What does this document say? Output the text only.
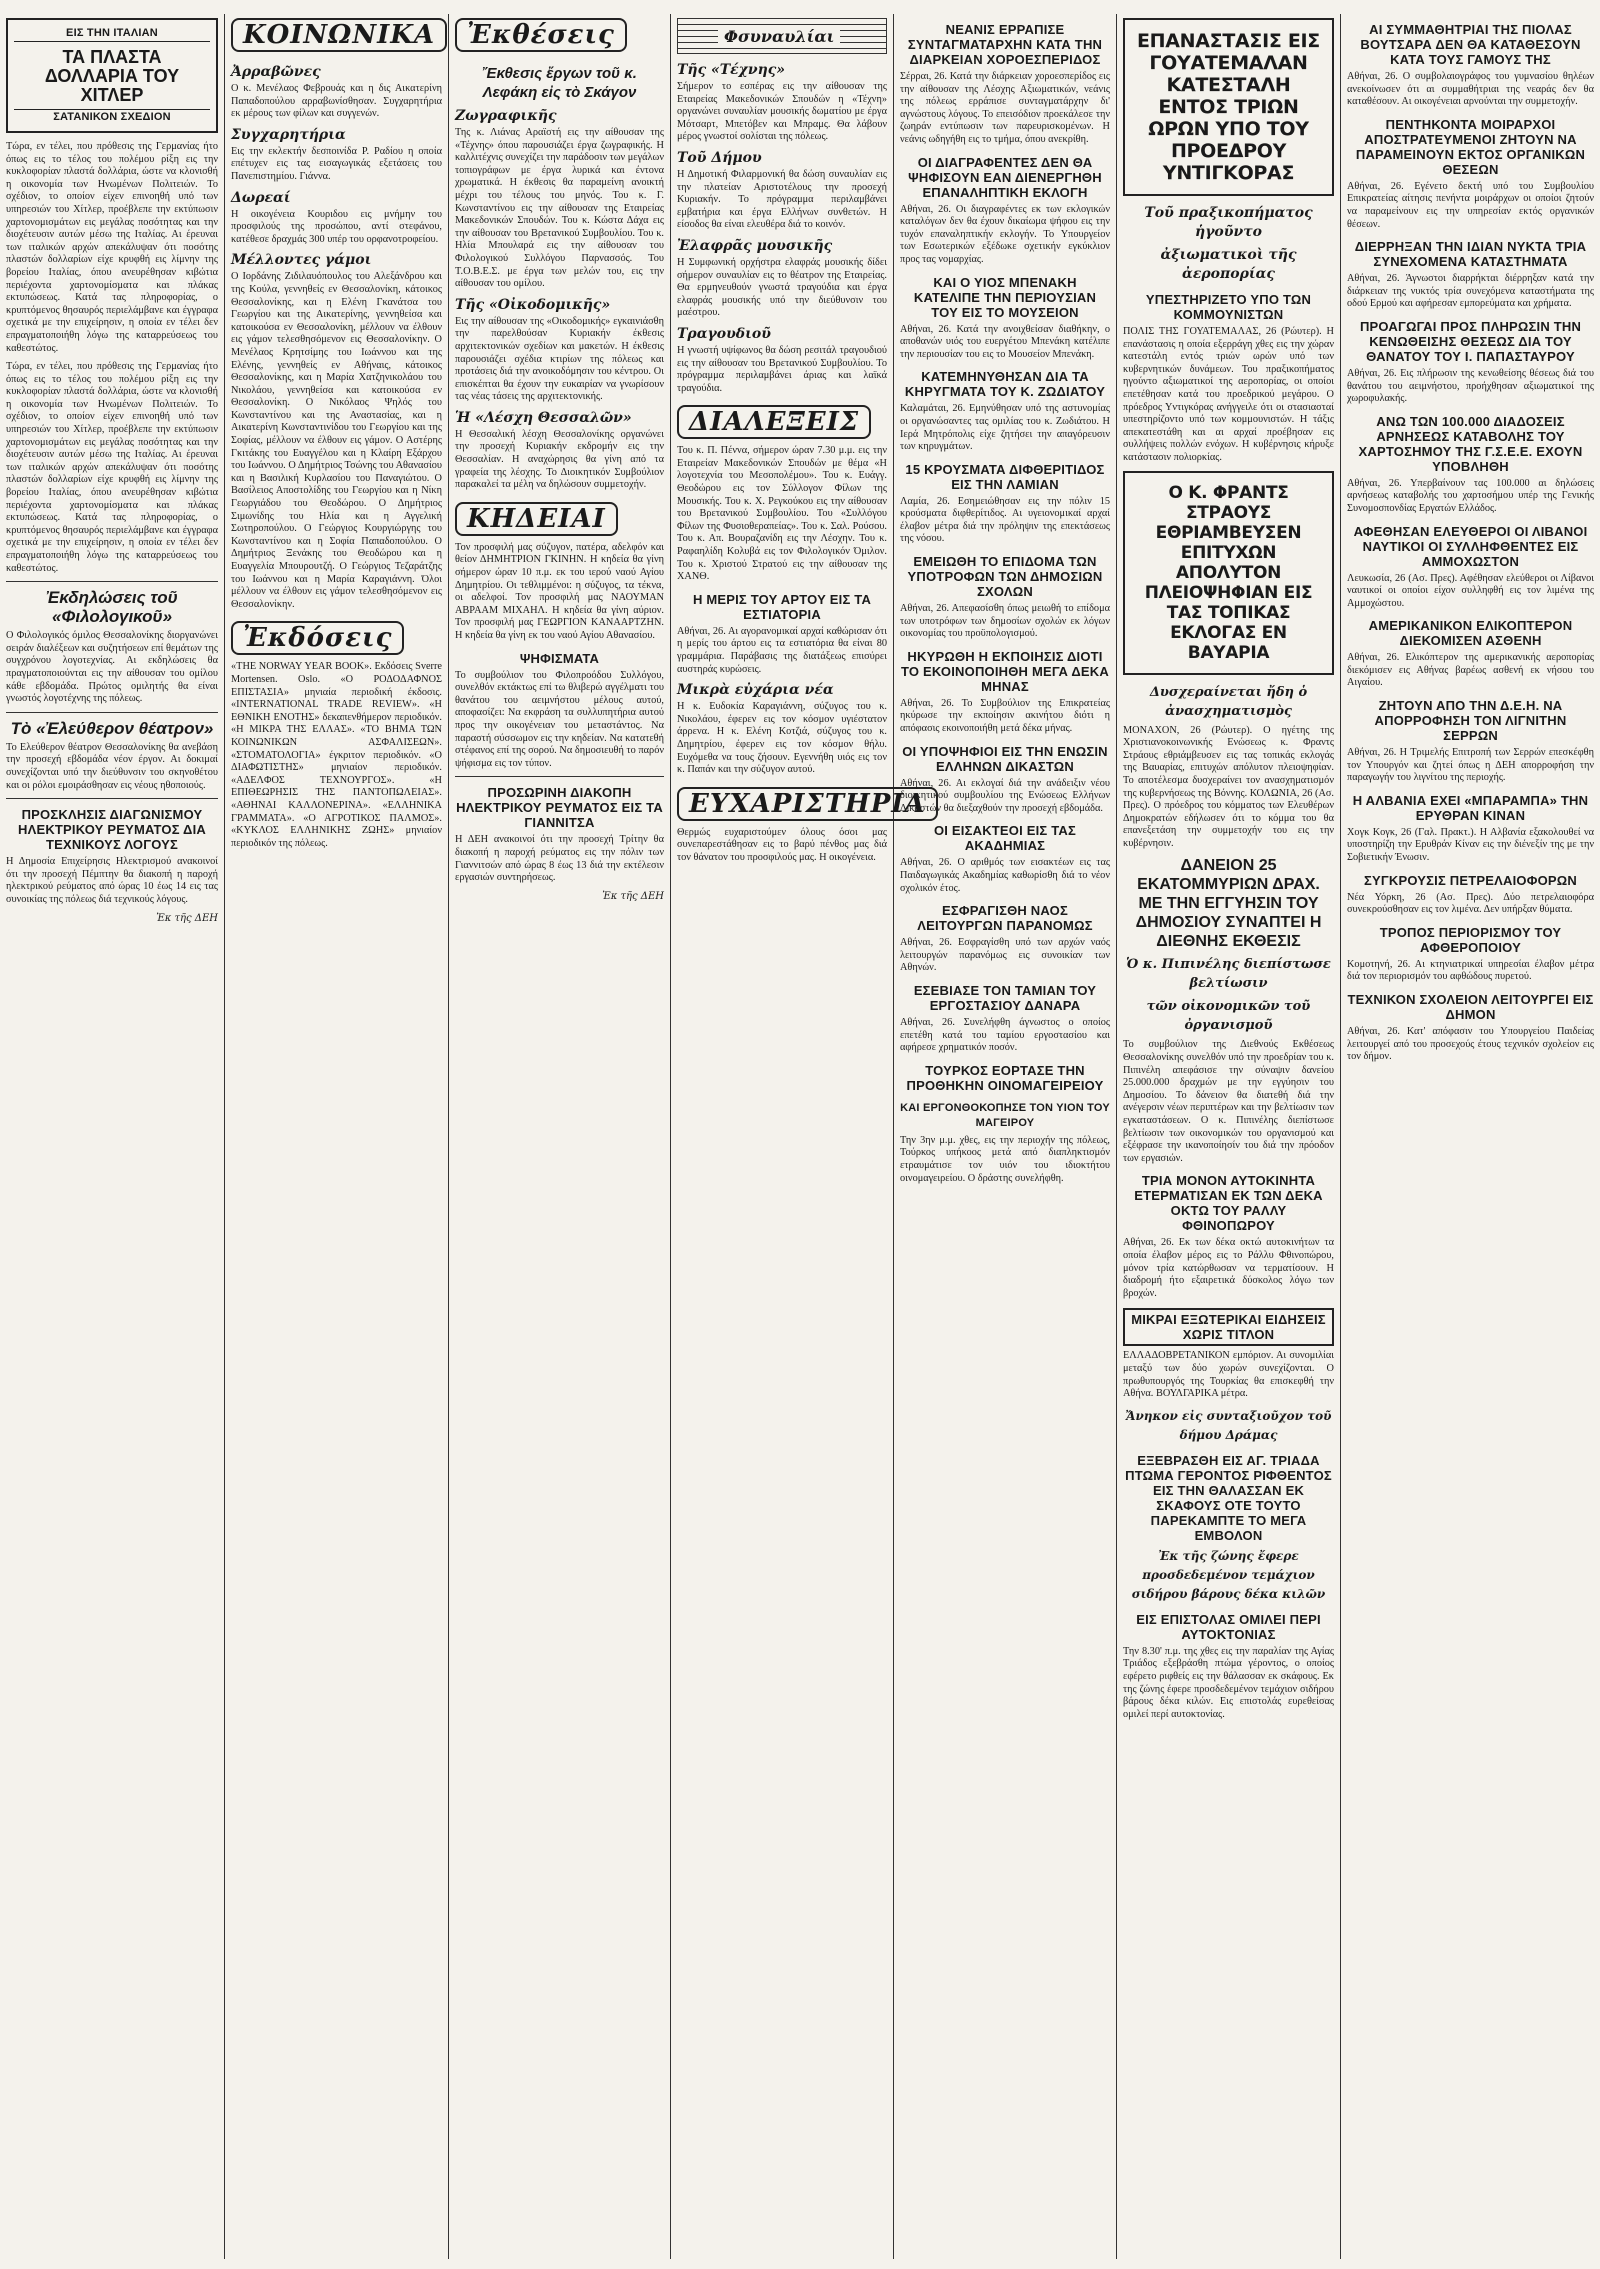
ΕΙΣ ΤΗΝ ΙΤΑΛΙΑΝ
ΤΑ ΠΛΑΣΤΑ ΔΟΛΛΑΡΙΑ ΤΟΥ ΧΙΤΛΕΡ
ΣΑΤΑΝΙΚΟΝ ΣΧΕΔΙΟΝ
Τώρα, εν τέλει, που πρόθεσις της Γερμανίας ήτο όπως εις το τέλος του πολέμου ρίξη εις την κυκλοφορίαν πλαστά δολλάρια, ώστε να κλονισθή η οικονομία των Ηνωμένων Πολιτειών. Το σχέδιον, το οποίον είχεν επινοηθή υπό των υπηρεσιών του Χίτλερ, προέβλεπε την εκτύπωσιν χαρτονομισμάτων εις μεγάλας ποσότητας και την διοχέτευσιν αυτών μέσω της Ιταλίας. Αι έρευναι των ιταλικών αρχών απεκάλυψαν ότι ποσότης πλαστών δολλαρίων είχε κρυφθή εις λίμνην της βορείου Ιταλίας, όπου ανευρέθησαν κιβώτια περιέχοντα χαρτονομίσματα και πλάκας εκτυπώσεως. Κατά τας πληροφορίας, ο κρυπτόμενος θησαυρός περιελάμβανε και έγγραφα σχετικά με την επιχείρησιν, η οποία εν τέλει δεν επραγματοποιήθη λόγω της καταρρεύσεως του καθεστώτος.
Τώρα, εν τέλει, που πρόθεσις της Γερμανίας ήτο όπως εις το τέλος του πολέμου ρίξη εις την κυκλοφορίαν πλαστά δολλάρια, ώστε να κλονισθή η οικονομία των Ηνωμένων Πολιτειών. Το σχέδιον, το οποίον είχεν επινοηθή υπό των υπηρεσιών του Χίτλερ, προέβλεπε την εκτύπωσιν χαρτονομισμάτων εις μεγάλας ποσότητας και την διοχέτευσιν αυτών μέσω της Ιταλίας. Αι έρευναι των ιταλικών αρχών απεκάλυψαν ότι ποσότης πλαστών δολλαρίων είχε κρυφθή εις λίμνην της βορείου Ιταλίας, όπου ανευρέθησαν κιβώτια περιέχοντα χαρτονομίσματα και πλάκας εκτυπώσεως. Κατά τας πληροφορίας, ο κρυπτόμενος θησαυρός περιελάμβανε και έγγραφα σχετικά με την επιχείρησιν, η οποία εν τέλει δεν επραγματοποιήθη λόγω της καταρρεύσεως του καθεστώτος.
Ἐκδηλώσεις τοῦ «Φιλολογικοῦ»
Ο Φιλολογικός όμιλος Θεσσαλονίκης διοργανώνει σειράν διαλέξεων και συζητήσεων επί θεμάτων της συγχρόνου λογοτεχνίας. Αι εκδηλώσεις θα πραγματοποιούνται εις την αίθουσαν του ομίλου κάθε εβδομάδα. Πρώτος ομιλητής θα είναι γνωστός λογοτέχνης της πόλεως.
Τὸ «Ἐλεύθερον θέατρον»
Το Ελεύθερον θέατρον Θεσσαλονίκης θα ανεβάση την προσεχή εβδομάδα νέον έργον. Αι δοκιμαί συνεχίζονται υπό την διεύθυνσιν του σκηνοθέτου και οι ρόλοι εμοιράσθησαν εις νέους ηθοποιούς.
ΠΡΟΣΚΛΗΣΙΣ ΔΙΑΓΩΝΙΣΜΟΥ ΗΛΕΚΤΡΙΚΟΥ ΡΕΥΜΑΤΟΣ ΔΙΑ ΤΕΧΝΙΚΟΥΣ ΛΟΓΟΥΣ
Η Δημοσία Επιχείρησις Ηλεκτρισμού ανακοινοί ότι την προσεχή Πέμπτην θα διακοπή η παροχή ηλεκτρικού ρεύματος από ώρας 10 έως 14 εις τας συνοικίας της πόλεως διά τεχνικούς λόγους.
Ἐκ τῆς ΔΕΗ
ΚΟΙΝΩΝΙΚΑ
Ἀρραβῶνες
Ο κ. Μενέλαος Φεβρουάς και η δις Αικατερίνη Παπαδοπούλου αρραβωνίσθησαν. Συγχαρητήρια εκ μέρους των φίλων και συγγενών.
Συγχαρητήρια
Εις την εκλεκτήν δεσποινίδα Ρ. Ραδίου η οποία επέτυχεν εις τας εισαγωγικάς εξετάσεις του Πανεπιστημίου. Γιάννα.
Δωρεαί
Η οικογένεια Κουριδου εις μνήμην του προσφιλούς της προσώπου, αντί στεφάνου, κατέθεσε δραχμάς 300 υπέρ του ορφανοτροφείου.
Μέλλοντες γάμοι
Ο Ιορδάνης Ζιδιλαυόπουλος του Αλεξάνδρου και της Κούλα, γεννηθείς εν Θεσσαλονίκη, κάτοικος Θεσσαλονίκης, και η Ελένη Γκανάτσα του Γεωργίου και της Αικατερίνης, γεννηθείσα και κατοικούσα εν Θεσσαλονίκη, μέλλουν να έλθουν εις γάμον τελεσθησόμενον εις Θεσσαλονίκην. Ο Μενέλαος Κρητσίμης του Ιωάννου και της Ελένης, γεννηθείς εν Αθήναις, κάτοικος Θεσσαλονίκης, και η Μαρία Χατζηνικολάου του Νικολάου, γεννηθείσα και κατοικούσα εν Θεσσαλονίκη. Ο Νικόλαος Ψηλός του Κωνσταντίνου και της Αναστασίας, και η Αικατερίνη Κωνσταντινίδου του Γεωργίου και της Σοφίας, μέλλουν να έλθουν εις γάμον. Ο Αστέρης Γκιτάκης του Ευαγγέλου και η Κλαίρη Εξάρχου του Ιωάννου. Ο Δημήτριος Τσώνης του Αθανασίου και η Βασιλική Κυρλασίου του Παναγιώτου. Ο Βασίλειος Αποστολίδης του Γεωργίου και η Νίκη Γεωργιάδου του Θεοδώρου. Ο Δημήτριος Σιμωνίδης του Ηλία και η Αγγελική Σωτηροπούλου. Ο Γεώργιος Κουργιώργης του Κωνσταντίνου και η Σοφία Παπαδοπούλου. Ο Δημήτριος Ξενάκης του Θεοδώρου και η Ευαγγελία Μπουρουτζή. Ο Γεώργιος Τεζαράτζης του Ιωάννου και η Μαρία Καραγιάννη. Όλοι μέλλουν να έλθουν εις γάμον τελεσθησόμενον εις Θεσσαλονίκην.
Ἐκδόσεις
«THE NORWAY YEAR BOOK». Εκδόσεις Sverre Mortensen. Oslo. «Ο ΡΟΔΟΔΑΦΝΟΣ ΕΠΙΣΤΑΣΙΑ» μηνιαία περιοδική έκδοσις. «INTERNATIONAL TRADE REVIEW». «Η ΕΘΝΙΚΗ ΕΝΟΤΗΣ» δεκαπενθήμερον περιοδικόν. «Η ΜΙΚΡΑ ΤΗΣ ΕΛΛΑΣ». «ΤΟ ΒΗΜΑ ΤΩΝ ΚΟΙΝΩΝΙΚΩΝ ΑΣΦΑΛΙΣΕΩΝ». «ΣΤΟΜΑΤΟΛΟΓΙΑ» έγκριτον περιοδικόν. «Ο ΔΙΑΦΩΤΙΣΤΗΣ» μηνιαίον περιοδικόν. «ΑΔΕΛΦΟΣ ΤΕΧΝΟΥΡΓΟΣ». «Η ΕΠΙΘΕΩΡΗΣΙΣ ΤΗΣ ΠΑΝΤΟΠΩΛΕΙΑΣ». «ΑΘΗΝΑΙ ΚΑΛΛΟΝΕΡΙΝΑ». «ΕΛΛΗΝΙΚΑ ΓΡΑΜΜΑΤΑ». «Ο ΑΓΡΟΤΙΚΟΣ ΠΑΛΜΟΣ». «ΚΥΚΛΟΣ ΕΛΛΗΝΙΚΗΣ ΖΩΗΣ» μηνιαίον περιοδικόν της πόλεως.
Ἐκθέσεις
Ἔκθεσις ἔργων τοῦ κ. Λεφάκη εἰς τὸ Σκάγον
Ζωγραφικῆς
Της κ. Λιάνας Αραϊστή εις την αίθουσαν της «Τέχνης» όπου παρουσιάζει έργα ζωγραφικής. Η καλλιτέχνις συνεχίζει την παράδοσιν των μεγάλων τοπιογράφων με έργα λυρικά και έντονα χρωματικά. Η έκθεσις θα παραμείνη ανοικτή μέχρι του τέλους του μηνός. Του κ. Γ. Κωνσταντίνου εις την αίθουσαν της Εταιρείας Μακεδονικών Σπουδών. Του κ. Κώστα Δάχα εις την αίθουσαν του Βρετανικού Συμβουλίου. Του κ. Ηλία Μπουλαρά εις την αίθουσαν του Φιλολογικού Συλλόγου Παρνασσός. Του Τ.Ο.Β.Ε.Σ. με έργα των μελών του, εις την αίθουσαν του ομίλου.
Τῆς «Οἰκοδομικῆς»
Εις την αίθουσαν της «Οικοδομικής» εγκαινιάσθη την παρελθούσαν Κυριακήν έκθεσις αρχιτεκτονικών σχεδίων και μακετών. Η έκθεσις παρουσιάζει σχέδια κτιρίων της πόλεως και προτάσεις διά την ανοικοδόμησιν του κέντρου. Οι επισκέπται θα έχουν την ευκαιρίαν να γνωρίσουν τας νέας τάσεις της αρχιτεκτονικής.
Ἡ «Λέσχη Θεσσαλῶν»
Η Θεσσαλική λέσχη Θεσσαλονίκης οργανώνει την προσεχή Κυριακήν εκδρομήν εις την Θεσσαλίαν. Η αναχώρησις θα γίνη από τα γραφεία της λέσχης. Το Διοικητικόν Συμβούλιον παρακαλεί τα μέλη να δηλώσουν συμμετοχήν.
ΚΗΔΕΙΑΙ
Τον προσφιλή μας σύζυγον, πατέρα, αδελφόν και θείον ΔΗΜΗΤΡΙΟΝ ΓΚΙΝΗΝ. Η κηδεία θα γίνη σήμερον ώραν 10 π.μ. εκ του ιερού ναού Αγίου Δημητρίου. Οι τεθλιμμένοι: η σύζυγος, τα τέκνα, οι αδελφοί. Τον προσφιλή μας ΝΑΟΥΜΑΝ ΑΒΡΑΑΜ ΜΙΧΑΗΛ. Η κηδεία θα γίνη αύριον. Τον προσφιλή μας ΓΕΩΡΓΙΟΝ ΚΑΝΑΑΡΤΖΗΝ. Η κηδεία θα γίνη εκ του ναού Αγίου Αθανασίου.
ΨΗΦΙΣΜΑΤΑ
Το συμβούλιον του Φιλοπροόδου Συλλόγου, συνελθόν εκτάκτως επί τω θλιβερώ αγγέλματι του θανάτου του αειμνήστου μέλους αυτού, αποφασίζει: Να εκφράση τα συλλυπητήρια αυτού προς την οικογένειαν του μεταστάντος. Να παραστή σύσσωμον εις την κηδείαν. Να κατατεθή στέφανος επί της σορού. Να δημοσιευθή το παρόν ψήφισμα εις τον τύπον.
ΠΡΟΣΩΡΙΝΗ ΔΙΑΚΟΠΗ ΗΛΕΚΤΡΙΚΟΥ ΡΕΥΜΑΤΟΣ ΕΙΣ ΤΑ ΓΙΑΝΝΙΤΣΑ
Η ΔΕΗ ανακοινοί ότι την προσεχή Τρίτην θα διακοπή η παροχή ρεύματος εις την πόλιν των Γιαννιτσών από ώρας 8 έως 13 διά την εκτέλεσιν εργασιών συντηρήσεως.
Ἐκ τῆς ΔΕΗ
Φσυναυλίαι
Τῆς «Τέχνης»
Σήμερον το εσπέρας εις την αίθουσαν της Εταιρείας Μακεδονικών Σπουδών η «Τέχνη» οργανώνει συναυλίαν μουσικής δωματίου με έργα Μότσαρτ, Μπετόβεν και Μπραμς. Θα λάβουν μέρος γνωστοί σολίσται της πόλεως.
Τοῦ Δήμου
Η Δημοτική Φιλαρμονική θα δώση συναυλίαν εις την πλατείαν Αριστοτέλους την προσεχή Κυριακήν. Το πρόγραμμα περιλαμβάνει εμβατήρια και έργα Ελλήνων συνθετών. Η είσοδος θα είναι ελευθέρα διά το κοινόν.
Ἐλαφρᾶς μουσικῆς
Η Συμφωνική ορχήστρα ελαφράς μουσικής δίδει σήμερον συναυλίαν εις το θέατρον της Εταιρείας. Θα ερμηνευθούν γνωστά τραγούδια και έργα ελαφράς μουσικής υπό την διεύθυνσιν του μαέστρου.
Τραγουδιοῦ
Η γνωστή υψίφωνος θα δώση ρεσιτάλ τραγουδιού εις την αίθουσαν του Βρετανικού Συμβουλίου. Το πρόγραμμα περιλαμβάνει άριας και λαϊκά τραγούδια.
ΔΙΑΛΕΞΕΙΣ
Του κ. Π. Πέννα, σήμερον ώραν 7.30 μ.μ. εις την Εταιρείαν Μακεδονικών Σπουδών με θέμα «Η λογοτεχνία του Μεσοπολέμου». Του κ. Ευάγγ. Θεοδώρου εις τον Σύλλογον Φίλων της Μουσικής. Του κ. Χ. Ρεγκούκου εις την αίθουσαν του Βρετανικού Συμβουλίου. Του «Συλλόγου Φίλων της Φυσιοθεραπείας». Του κ. Σαλ. Ρούσου. Του κ. Απ. Βουραζανίδη εις την Λέσχην. Του κ. Ραφαηλίδη Κολυβά εις τον Φιλολογικόν Όμιλον. Του κ. Χριστού Στρατού εις την αίθουσαν της ΧΑΝΘ.
Η ΜΕΡΙΣ ΤΟΥ ΑΡΤΟΥ ΕΙΣ ΤΑ ΕΣΤΙΑΤΟΡΙΑ
Αθήναι, 26. Αι αγορανομικαί αρχαί καθώρισαν ότι η μερίς του άρτου εις τα εστιατόρια θα είναι 80 γραμμάρια. Παράβασις της διατάξεως επισύρει αυστηράς κυρώσεις.
Μικρὰ εὐχάρια νέα
Η κ. Ευδοκία Καραγιάννη, σύζυγος του κ. Νικολάου, έφερεν εις τον κόσμον υγιέστατον άρρενα. Η κ. Ελένη Κοτζιά, σύζυγος του κ. Δημητρίου, έφερεν εις τον κόσμον θήλυ. Ευχόμεθα να τους ζήσουν. Εγεννήθη υιός εις τον κ. Παπάν και την σύζυγον αυτού.
ΕΥΧΑΡΙΣΤΗΡΙΑ
Θερμώς ευχαριστούμεν όλους όσοι μας συνεπαρεστάθησαν εις το βαρύ πένθος μας διά τον θάνατον του προσφιλούς μας. Η οικογένεια.
ΝΕΑΝΙΣ ΕΡΡΑΠΙΣΕ ΣΥΝΤΑΓΜΑΤΑΡΧΗΝ ΚΑΤΑ ΤΗΝ ΔΙΑΡΚΕΙΑΝ ΧΟΡΟΕΣΠΕΡΙΔΟΣ
Σέρραι, 26. Κατά την διάρκειαν χοροεσπερίδος εις την αίθουσαν της Λέσχης Αξιωματικών, νεάνις της πόλεως ερράπισε συνταγματάρχην δι' αγνώστους λόγους. Το επεισόδιον προεκάλεσε την ζωηράν εντύπωσιν των παρευρισκομένων. Η νεάνις ωδηγήθη εις το τμήμα, όπου ανεκρίθη.
ΟΙ ΔΙΑΓΡΑΦΕΝΤΕΣ ΔΕΝ ΘΑ ΨΗΦΙΣΟΥΝ ΕΑΝ ΔΙΕΝΕΡΓΗΘΗ ΕΠΑΝΑΛΗΠΤΙΚΗ ΕΚΛΟΓΗ
Αθήναι, 26. Οι διαγραφέντες εκ των εκλογικών καταλόγων δεν θα έχουν δικαίωμα ψήφου εις την τυχόν επαναληπτικήν εκλογήν. Το Υπουργείον των Εσωτερικών εξέδωκε σχετικήν εγκύκλιον προς τας νομαρχίας.
ΚΑΙ Ο ΥΙΟΣ ΜΠΕΝΑΚΗ ΚΑΤΕΛΙΠΕ ΤΗΝ ΠΕΡΙΟΥΣΙΑΝ ΤΟΥ ΕΙΣ ΤΟ ΜΟΥΣΕΙΟΝ
Αθήναι, 26. Κατά την ανοιχθείσαν διαθήκην, ο αποθανών υιός του ευεργέτου Μπενάκη κατέλιπε την περιουσίαν του εις το Μουσείον Μπενάκη.
ΚΑΤΕΜΗΝΥΘΗΣΑΝ ΔΙΑ ΤΑ ΚΗΡΥΓΜΑΤΑ ΤΟΥ Κ. ΖΩΔΙΑΤΟΥ
Καλαμάται, 26. Εμηνύθησαν υπό της αστυνομίας οι οργανώσαντες τας ομιλίας του κ. Ζωδιάτου. Η Ιερά Μητρόπολις είχε ζητήσει την απαγόρευσιν των κηρυγμάτων.
15 ΚΡΟΥΣΜΑΤΑ ΔΙΦΘΕΡΙΤΙΔΟΣ ΕΙΣ ΤΗΝ ΛΑΜΙΑΝ
Λαμία, 26. Εσημειώθησαν εις την πόλιν 15 κρούσματα διφθερίτιδος. Αι υγειονομικαί αρχαί έλαβον μέτρα διά την πρόληψιν της επεκτάσεως της νόσου.
ΕΜΕΙΩΘΗ ΤΟ ΕΠΙΔΟΜΑ ΤΩΝ ΥΠΟΤΡΟΦΩΝ ΤΩΝ ΔΗΜΟΣΙΩΝ ΣΧΟΛΩΝ
Αθήναι, 26. Απεφασίσθη όπως μειωθή το επίδομα των υποτρόφων των δημοσίων σχολών εκ λόγων οικονομίας του προϋπολογισμού.
ΗΚΥΡΩΘΗ Η ΕΚΠΟΙΗΣΙΣ ΔΙΟΤΙ ΤΟ ΕΚΟΙΝΟΠΟΙΗΘΗ ΜΕΓΑ ΔΕΚΑ ΜΗΝΑΣ
Αθήναι, 26. Το Συμβούλιον της Επικρατείας ηκύρωσε την εκποίησιν ακινήτου διότι η απόφασις εκοινοποιήθη μετά δέκα μήνας.
ΟΙ ΥΠΟΨΗΦΙΟΙ ΕΙΣ ΤΗΝ ΕΝΩΣΙΝ ΕΛΛΗΝΩΝ ΔΙΚΑΣΤΩΝ
Αθήναι, 26. Αι εκλογαί διά την ανάδειξιν νέου διοικητικού συμβουλίου της Ενώσεως Ελλήνων Δικαστών θα διεξαχθούν την προσεχή εβδομάδα.
ΟΙ ΕΙΣΑΚΤΕΟΙ ΕΙΣ ΤΑΣ ΑΚΑΔΗΜΙΑΣ
Αθήναι, 26. Ο αριθμός των εισακτέων εις τας Παιδαγωγικάς Ακαδημίας καθωρίσθη διά το νέον σχολικόν έτος.
ΕΣΦΡΑΓΙΣΘΗ ΝΑΟΣ ΛΕΙΤΟΥΡΓΩΝ ΠΑΡΑΝΟΜΩΣ
Αθήναι, 26. Εσφραγίσθη υπό των αρχών ναός λειτουργών παρανόμως εις συνοικίαν των Αθηνών.
ΕΣΕΒΙΑΣΕ ΤΟΝ ΤΑΜΙΑΝ ΤΟΥ ΕΡΓΟΣΤΑΣΙΟΥ ΔΑΝΑΡΑ
Αθήναι, 26. Συνελήφθη άγνωστος ο οποίος επετέθη κατά του ταμίου εργοστασίου και αφήρεσε χρηματικόν ποσόν.
ΤΟΥΡΚΟΣ ΕΟΡΤΑΣΕ ΤΗΝ ΠΡΟΘΗΚΗΝ ΟΙΝΟΜΑΓΕΙΡΕΙΟΥ
ΚΑΙ ΕΡΓΟΝΘΟΚΟΠΗΣΕ ΤΟΝ ΥΙΟΝ ΤΟΥ ΜΑΓΕΙΡΟΥ
Την 3ην μ.μ. χθες, εις την περιοχήν της πόλεως, Τούρκος υπήκοος μετά από διαπληκτισμόν ετραυμάτισε τον υιόν του ιδιοκτήτου οινομαγειρείου. Ο δράστης συνελήφθη.
ΕΠΑΝΑΣΤΑΣΙΣ ΕΙΣ ΓΟΥΑΤΕΜΑΛΑΝ ΚΑΤΕΣΤΑΛΗ ΕΝΤΟΣ ΤΡΙΩΝ ΩΡΩΝ ΥΠΟ ΤΟΥ ΠΡΟΕΔΡΟΥ ΥΝΤΙΓΚΟΡΑΣ
Τοῦ πραξικοπήματος ἡγοῦντο
ἀξιωματικοὶ τῆς ἀεροπορίας
ΥΠΕΣΤΗΡΙΖΕΤΟ ΥΠΟ ΤΩΝ ΚΟΜΜΟΥΝΙΣΤΩΝ
ΠΟΛΙΣ ΤΗΣ ΓΟΥΑΤΕΜΑΛΑΣ, 26 (Ρώυτερ). Η επανάστασις η οποία εξερράγη χθες εις την χώραν κατεστάλη εντός τριών ωρών υπό των κυβερνητικών δυνάμεων. Του πραξικοπήματος ηγούντο αξιωματικοί της αεροπορίας, οι οποίοι επετέθησαν κατά του προεδρικού μεγάρου. Ο πρόεδρος Υντιγκόρας ανήγγειλε ότι οι στασιασταί υπεστηρίζοντο υπό των κομμουνιστών. Η τάξις απεκατεστάθη και αι αρχαί προέβησαν εις συλλήψεις πολλών ενόχων. Η κυβέρνησις κήρυξε κατάστασιν πολιορκίας.
Ο Κ. ΦΡΑΝΤΣ ΣΤΡΑΟΥΣ ΕΘΡΙΑΜΒΕΥΣΕΝ ΕΠΙΤΥΧΩΝ ΑΠΟΛΥΤΟΝ ΠΛΕΙΟΨΗΦΙΑΝ ΕΙΣ ΤΑΣ ΤΟΠΙΚΑΣ ΕΚΛΟΓΑΣ ΕΝ ΒΑΥΑΡΙΑ
Δυσχεραίνεται ἤδη ὁ ἀνασχηματισμὸς
ΜΟΝΑΧΟΝ, 26 (Ρώυτερ). Ο ηγέτης της Χριστιανοκοινωνικής Ενώσεως κ. Φραντς Στράους εθριάμβευσεν εις τας τοπικάς εκλογάς της Βαυαρίας, επιτυχών απόλυτον πλειοψηφίαν. Το αποτέλεσμα δυσχεραίνει τον ανασχηματισμόν της κυβερνήσεως της Βόννης. ΚΟΛΩΝΙΑ, 26 (Ασ. Πρες). Ο πρόεδρος του κόμματος των Ελευθέρων Δημοκρατών εδήλωσεν ότι το κόμμα του θα επανεξετάση την συμμετοχήν του εις την κυβέρνησιν.
ΔΑΝΕΙΟΝ 25 ΕΚΑΤΟΜΜΥΡΙΩΝ ΔΡΑΧ. ΜΕ ΤΗΝ ΕΓΓΥΗΣΙΝ ΤΟΥ ΔΗΜΟΣΙΟΥ ΣΥΝΑΠΤΕΙ Η ΔΙΕΘΝΗΣ ΕΚΘΕΣΙΣ
Ὁ κ. Πιπινέλης διεπίστωσε βελτίωσιν
τῶν οἰκονομικῶν τοῦ ὀργανισμοῦ
Το συμβούλιον της Διεθνούς Εκθέσεως Θεσσαλονίκης συνελθόν υπό την προεδρίαν του κ. Πιπινέλη απεφάσισε την σύναψιν δανείου 25.000.000 δραχμών με την εγγύησιν του Δημοσίου. Το δάνειον θα διατεθή διά την ανέγερσιν νέων περιπτέρων και την βελτίωσιν των εγκαταστάσεων. Ο κ. Πιπινέλης διεπίστωσε βελτίωσιν των οικονομικών του οργανισμού και εξέφρασε την ικανοποίησίν του διά την πρόοδον των εργασιών.
ΤΡΙΑ ΜΟΝΟΝ ΑΥΤΟΚΙΝΗΤΑ ΕΤΕΡΜΑΤΙΣΑΝ ΕΚ ΤΩΝ ΔΕΚΑ ΟΚΤΩ ΤΟΥ ΡΑΛΛΥ ΦΘΙΝΟΠΩΡΟΥ
Αθήναι, 26. Εκ των δέκα οκτώ αυτοκινήτων τα οποία έλαβον μέρος εις το Ράλλυ Φθινοπώρου, μόνον τρία κατώρθωσαν να τερματίσουν. Η διαδρομή ήτο εξαιρετικά δύσκολος λόγω των βροχών.
ΜΙΚΡΑΙ ΕΞΩΤΕΡΙΚΑΙ ΕΙΔΗΣΕΙΣ ΧΩΡΙΣ ΤΙΤΛΟΝ
ΕΛΛΑΔΟΒΡΕΤΑΝΙΚΟΝ εμπόριον. Αι συνομιλίαι μεταξύ των δύο χωρών συνεχίζονται. Ο πρωθυπουργός της Τουρκίας θα επισκεφθή την Αθήνα. ΒΟΥΛΓΑΡΙΚΑ μέτρα.
Ἄνηκον εἰς συνταξιοῦχον τοῦ δήμου Δράμας
ΕΞΕΒΡΑΣΘΗ ΕΙΣ ΑΓ. ΤΡΙΑΔΑ ΠΤΩΜΑ ΓΕΡΟΝΤΟΣ ΡΙΦΘΕΝΤΟΣ ΕΙΣ ΤΗΝ ΘΑΛΑΣΣΑΝ ΕΚ ΣΚΑΦΟΥΣ ΟΤΕ ΤΟΥΤΟ ΠΑΡΕΚΑΜΠΤΕ ΤΟ ΜΕΓΑ ΕΜΒΟΛΟΝ
Ἐκ τῆς ζώνης ἔφερε προσδεδεμένον τεμάχιον σιδήρου βάρους δέκα κιλῶν
ΕΙΣ ΕΠΙΣΤΟΛΑΣ ΟΜΙΛΕΙ ΠΕΡΙ ΑΥΤΟΚΤΟΝΙΑΣ
Την 8.30' π.μ. της χθες εις την παραλίαν της Αγίας Τριάδος εξεβράσθη πτώμα γέροντος, ο οποίος εφέρετο ριφθείς εις την θάλασσαν εκ σκάφους. Εκ της ζώνης έφερε προσδεδεμένον τεμάχιον σιδήρου βάρους δέκα κιλών. Εις επιστολάς ευρεθείσας ομιλεί περί αυτοκτονίας.
ΑΙ ΣΥΜΜΑΘΗΤΡΙΑΙ ΤΗΣ ΠΙΟΛΑΣ ΒΟΥΤΣΑΡΑ ΔΕΝ ΘΑ ΚΑΤΑΘΕΣΟΥΝ ΚΑΤΑ ΤΟΥΣ ΓΑΜΟΥΣ ΤΗΣ
Αθήναι, 26. Ο συμβολαιογράφος του γυμνασίου θηλέων ανεκοίνωσεν ότι αι συμμαθήτριαι της νεαράς δεν θα καταθέσουν. Αι οικογένειαι αρνούνται την συμμετοχήν.
ΠΕΝΤΗΚΟΝΤΑ ΜΟΙΡΑΡΧΟΙ ΑΠΟΣΤΡΑΤΕΥΜΕΝΟΙ ΖΗΤΟΥΝ ΝΑ ΠΑΡΑΜΕΙΝΟΥΝ ΕΚΤΟΣ ΟΡΓΑΝΙΚΩΝ ΘΕΣΕΩΝ
Αθήναι, 26. Εγένετο δεκτή υπό του Συμβουλίου Επικρατείας αίτησις πενήντα μοιράρχων οι οποίοι ζητούν να παραμείνουν εις την υπηρεσίαν εκτός οργανικών θέσεων.
ΔΙΕΡΡΗΞΑΝ ΤΗΝ ΙΔΙΑΝ ΝΥΚΤΑ ΤΡΙΑ ΣΥΝΕΧΟΜΕΝΑ ΚΑΤΑΣΤΗΜΑΤΑ
Αθήναι, 26. Άγνωστοι διαρρήκται διέρρηξαν κατά την διάρκειαν της νυκτός τρία συνεχόμενα καταστήματα της οδού Ερμού και αφήρεσαν εμπορεύματα και χρήματα.
ΠΡΟΑΓΩΓΑΙ ΠΡΟΣ ΠΛΗΡΩΣΙΝ ΤΗΝ ΚΕΝΩΘΕΙΣΗΣ ΘΕΣΕΩΣ ΔΙΑ ΤΟΥ ΘΑΝΑΤΟΥ ΤΟΥ Ι. ΠΑΠΑΣΤΑΥΡΟΥ
Αθήναι, 26. Εις πλήρωσιν της κενωθείσης θέσεως διά του θανάτου του αειμνήστου, προήχθησαν αξιωματικοί της χωροφυλακής.
ΑΝΩ ΤΩΝ 100.000 ΔΙΑΔΟΣΕΙΣ ΑΡΝΗΣΕΩΣ ΚΑΤΑΒΟΛΗΣ ΤΟΥ ΧΑΡΤΟΣΗΜΟΥ ΤΗΣ Γ.Σ.Ε.Ε. ΕΧΟΥΝ ΥΠΟΒΛΗΘΗ
Αθήναι, 26. Υπερβαίνουν τας 100.000 αι δηλώσεις αρνήσεως καταβολής του χαρτοσήμου υπέρ της Γενικής Συνομοσπονδίας Εργατών Ελλάδος.
ΑΦΕΘΗΣΑΝ ΕΛΕΥΘΕΡΟΙ ΟΙ ΛΙΒΑΝΟΙ ΝΑΥΤΙΚΟΙ ΟΙ ΣΥΛΛΗΦΘΕΝΤΕΣ ΕΙΣ ΑΜΜΟΧΩΣΤΟΝ
Λευκωσία, 26 (Ασ. Πρες). Αφέθησαν ελεύθεροι οι Λίβανοι ναυτικοί οι οποίοι είχον συλληφθή εις τον λιμένα της Αμμοχώστου.
ΑΜΕΡΙΚΑΝΙΚΟΝ ΕΛΙΚΟΠΤΕΡΟΝ ΔΙΕΚΟΜΙΣΕΝ ΑΣΘΕΝΗ
Αθήναι, 26. Ελικόπτερον της αμερικανικής αεροπορίας διεκόμισεν εις Αθήνας βαρέως ασθενή εκ νήσου του Αιγαίου.
ΖΗΤΟΥΝ ΑΠΟ ΤΗΝ Δ.Ε.Η. ΝΑ ΑΠΟΡΡΟΦΗΣΗ ΤΟΝ ΛΙΓΝΙΤΗΝ ΣΕΡΡΩΝ
Αθήναι, 26. Η Τριμελής Επιτροπή των Σερρών επεσκέφθη τον Υπουργόν και ζητεί όπως η ΔΕΗ απορροφήση την παραγωγήν του λιγνίτου της περιοχής.
Η ΑΛΒΑΝΙΑ ΕΧΕΙ «ΜΠΑΡΑΜΠΑ» ΤΗΝ ΕΡΥΘΡΑΝ ΚΙΝΑΝ
Χογκ Κογκ, 26 (Γαλ. Πρακτ.). Η Αλβανία εξακολουθεί να υποστηρίζη την Ερυθράν Κίναν εις την διένεξίν της με την Σοβιετικήν Ένωσιν.
ΣΥΓΚΡΟΥΣΙΣ ΠΕΤΡΕΛΑΙΟΦΟΡΩΝ
Νέα Υόρκη, 26 (Ασ. Πρες). Δύο πετρελαιοφόρα συνεκρούσθησαν εις τον λιμένα. Δεν υπήρξαν θύματα.
ΤΡΟΠΟΣ ΠΕΡΙΟΡΙΣΜΟΥ ΤΟΥ ΑΦΘΕΡΟΠΟΙΟΥ
Κομοτηνή, 26. Αι κτηνιατρικαί υπηρεσίαι έλαβον μέτρα διά τον περιορισμόν του αφθώδους πυρετού.
ΤΕΧΝΙΚΟΝ ΣΧΟΛΕΙΟΝ ΛΕΙΤΟΥΡΓΕΙ ΕΙΣ ΔΗΜΟΝ
Αθήναι, 26. Κατ' απόφασιν του Υπουργείου Παιδείας λειτουργεί από του προσεχούς έτους τεχνικόν σχολείον εις τον δήμον.
